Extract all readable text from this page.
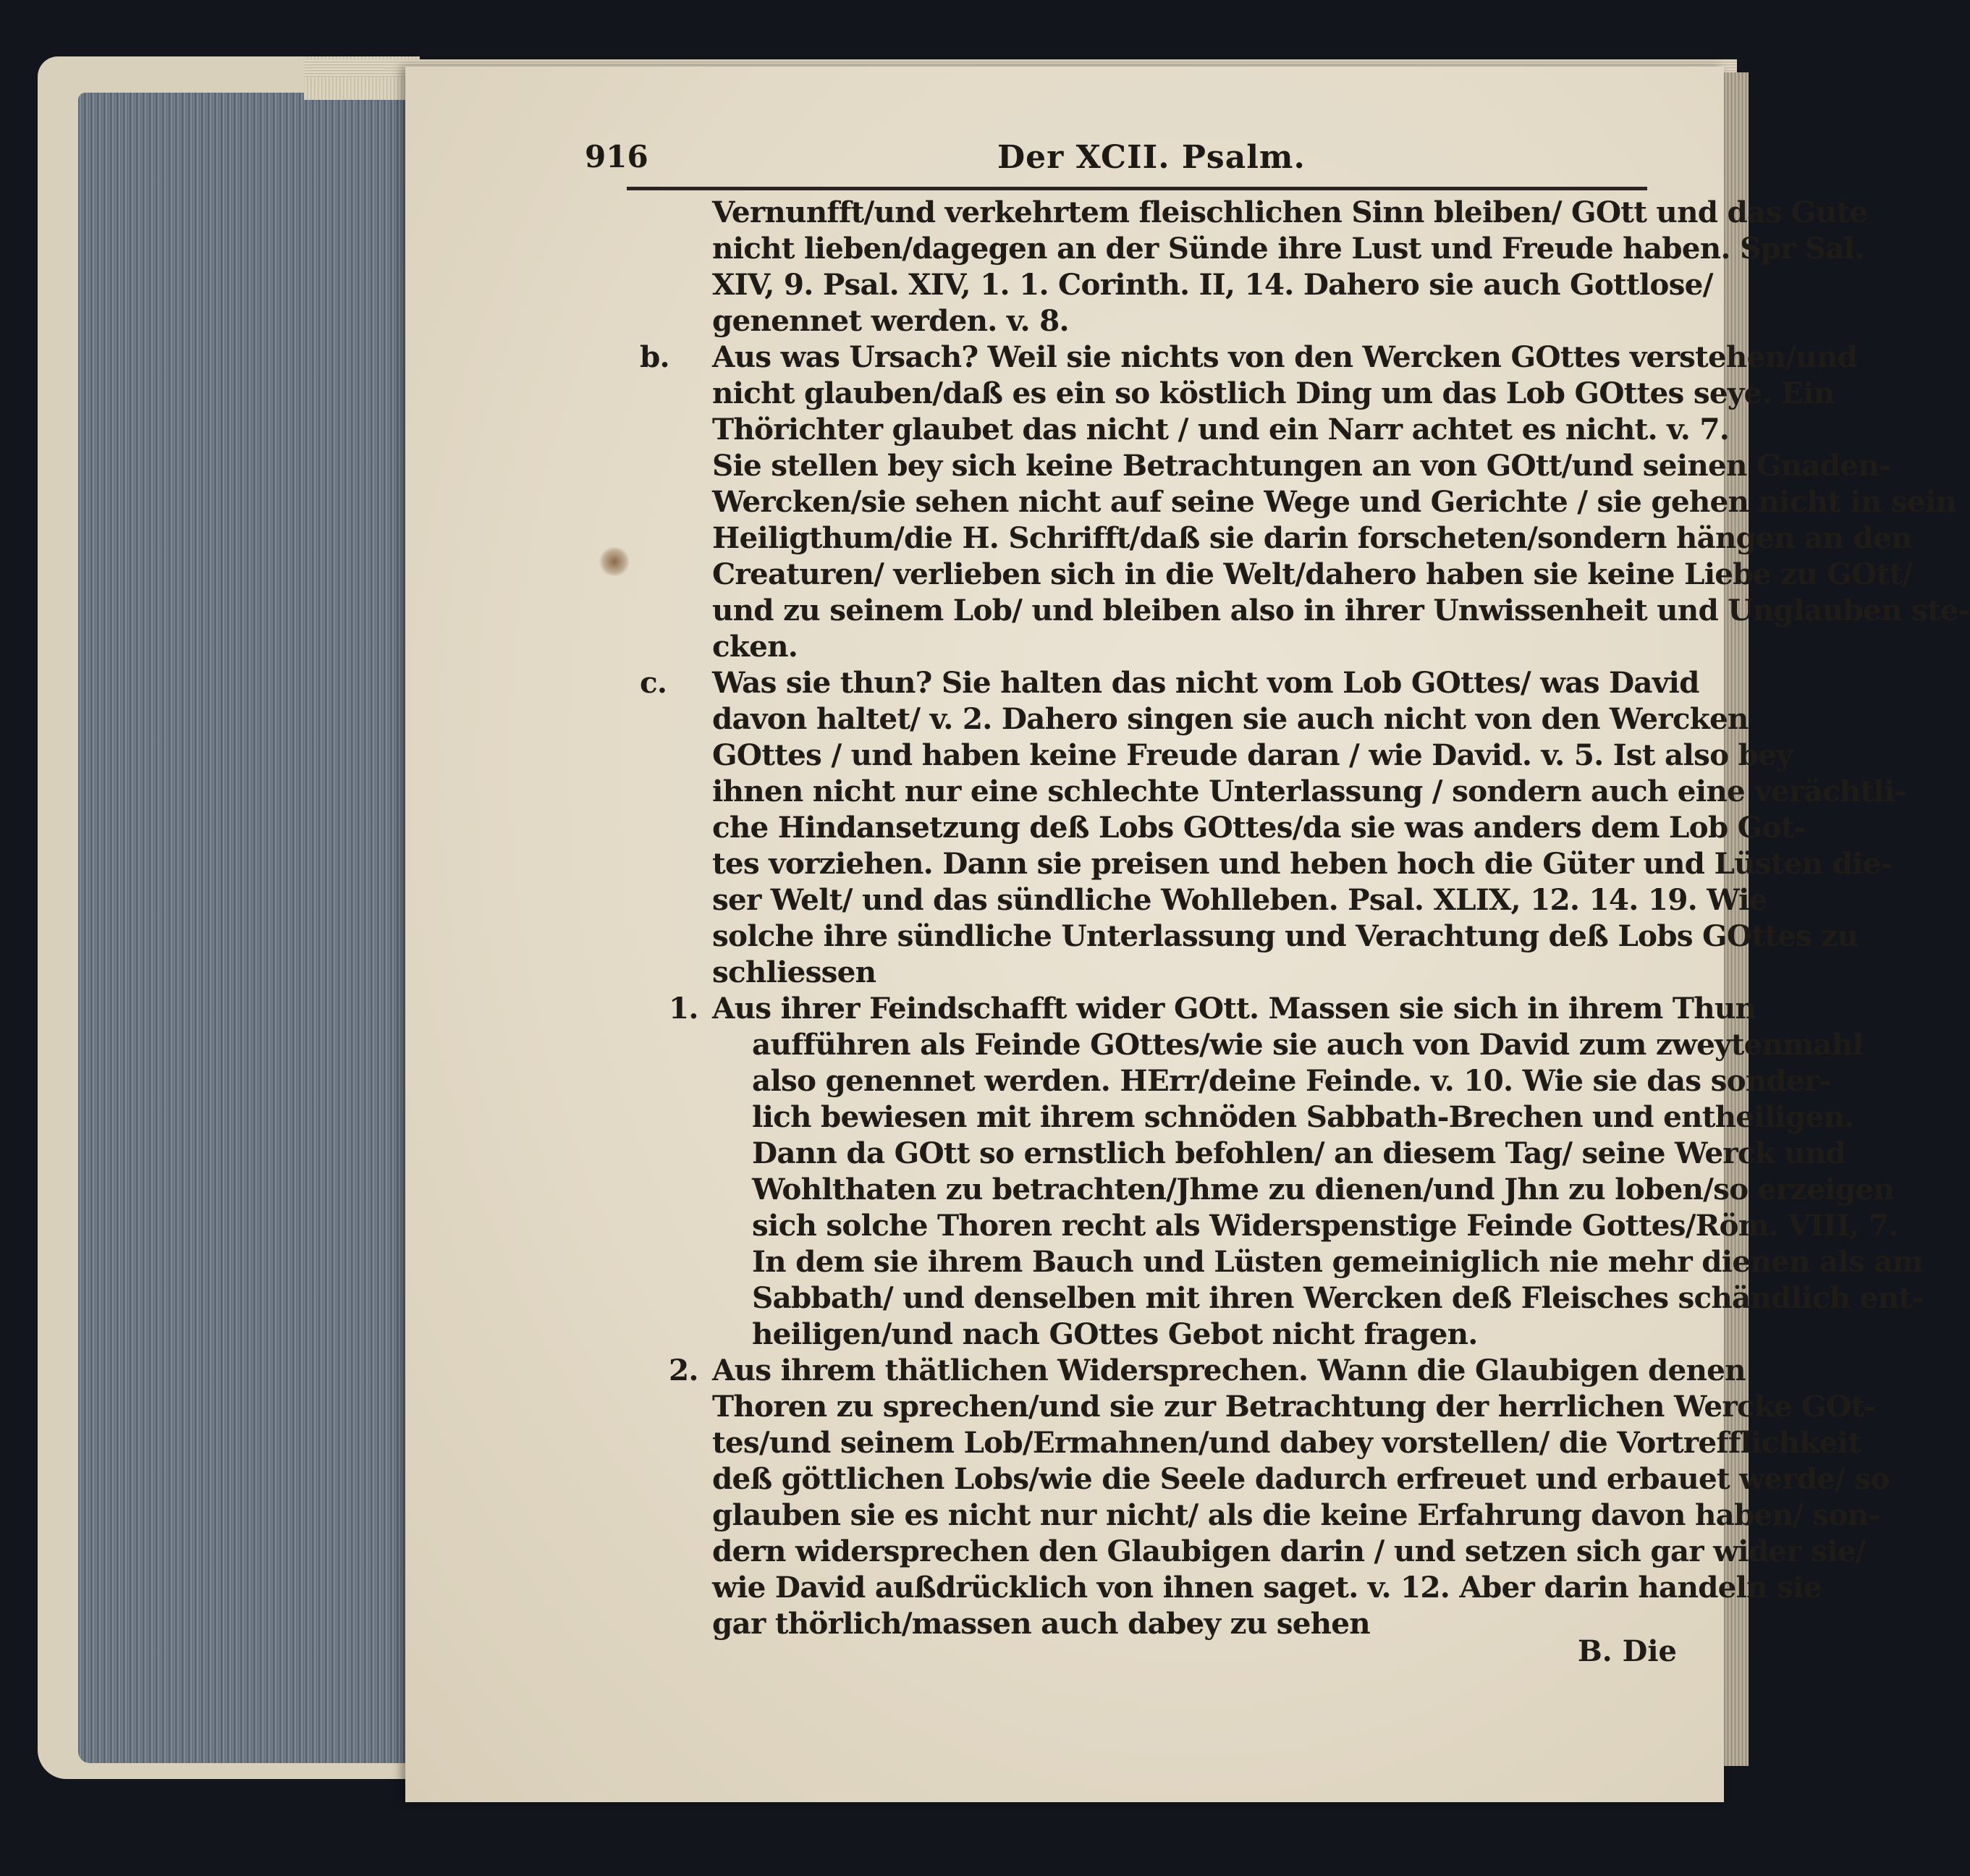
916	Der XCII. Psalm.
Vernunfft/und verkehrtem fleischlichen Sinn bleiben/ GOtt und das Gute
nicht lieben/dagegen an der Sünde ihre Lust und Freude haben. Spr Sal.
XIV, 9. Psal. XIV, 1. 1. Corinth. II, 14. Dahero sie auch Gottlose/
genennet werden. v. 8.
b. Aus was Ursach? Weil sie nichts von den Wercken GOttes verstehen/und
nicht glauben/daß es ein so köstlich Ding um das Lob GOttes seye. Ein
Thörichter glaubet das nicht / und ein Narr achtet es nicht. v. 7.
Sie stellen bey sich keine Betrachtungen an von GOtt/und seinen Gnaden-
Wercken/sie sehen nicht auf seine Wege und Gerichte / sie gehen nicht in sein
Heiligthum/die H. Schrifft/daß sie darin forscheten/sondern hängen an den
Creaturen/ verlieben sich in die Welt/dahero haben sie keine Liebe zu GOtt/
und zu seinem Lob/ und bleiben also in ihrer Unwissenheit und Unglauben ste-
cken.
c. Was sie thun? Sie halten das nicht vom Lob GOttes/ was David
davon haltet/ v. 2. Dahero singen sie auch nicht von den Wercken
GOttes / und haben keine Freude daran / wie David. v. 5. Ist also bey
ihnen nicht nur eine schlechte Unterlassung / sondern auch eine verächtli-
che Hindansetzung deß Lobs GOttes/da sie was anders dem Lob Got-
tes vorziehen. Dann sie preisen und heben hoch die Güter und Lüsten die-
ser Welt/ und das sündliche Wohlleben. Psal. XLIX, 12. 14. 19. Wie
solche ihre sündliche Unterlassung und Verachtung deß Lobs GOttes zu
schliessen
1. Aus ihrer Feindschafft wider GOtt. Massen sie sich in ihrem Thun
aufführen als Feinde GOttes/wie sie auch von David zum zweytenmahl
also genennet werden. HErr/deine Feinde. v. 10. Wie sie das sonder-
lich bewiesen mit ihrem schnöden Sabbath-Brechen und entheiligen.
Dann da GOtt so ernstlich befohlen/ an diesem Tag/ seine Werck und
Wohlthaten zu betrachten/Jhme zu dienen/und Jhn zu loben/so erzeigen
sich solche Thoren recht als Widerspenstige Feinde Gottes/Röm. VIII, 7.
In dem sie ihrem Bauch und Lüsten gemeiniglich nie mehr dienen als am
Sabbath/ und denselben mit ihren Wercken deß Fleisches schändlich ent-
heiligen/und nach GOttes Gebot nicht fragen.
2. Aus ihrem thätlichen Widersprechen. Wann die Glaubigen denen
Thoren zu sprechen/und sie zur Betrachtung der herrlichen Wercke GOt-
tes/und seinem Lob/Ermahnen/und dabey vorstellen/ die Vortrefflichkeit
deß göttlichen Lobs/wie die Seele dadurch erfreuet und erbauet werde/ so
glauben sie es nicht nur nicht/ als die keine Erfahrung davon haben/ son-
dern widersprechen den Glaubigen darin / und setzen sich gar wider sie/
wie David außdrücklich von ihnen saget. v. 12. Aber darin handeln sie
gar thörlich/massen auch dabey zu sehen
B. Die
